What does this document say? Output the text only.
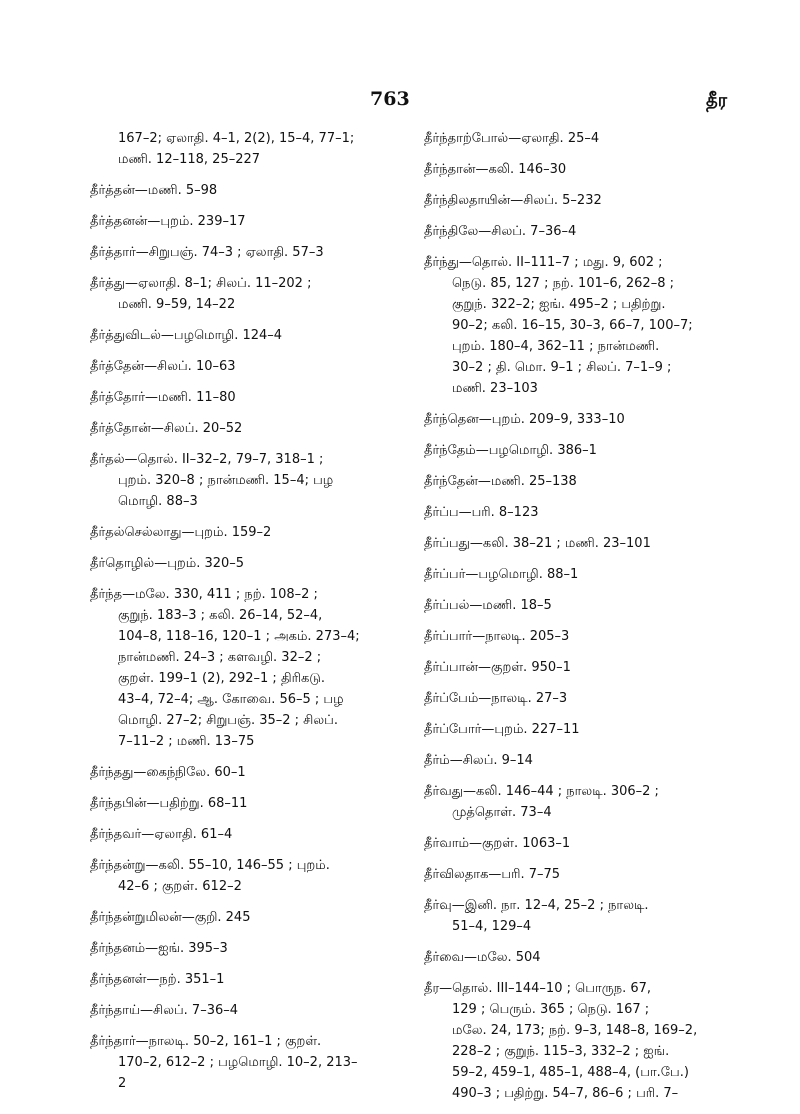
763	தீர
167–2; ஏலாதி. 4–1, 2(2), 15–4, 77–1;
மணி. 12–118, 25–227
தீர்த்தன்—மணி. 5–98
தீர்த்தனன்—புறம். 239–17
தீர்த்தார்—சிறுபஞ். 74–3 ; ஏலாதி. 57–3
தீர்த்து—ஏலாதி. 8–1; சிலப். 11–202 ;
மணி. 9–59, 14–22
தீர்த்துவிடல்—பழமொழி. 124–4
தீர்த்தேன்—சிலப். 10–63
தீர்த்தோர்—மணி. 11–80
தீர்த்தோன்—சிலப். 20–52
தீர்தல்—தொல். II–32–2, 79–7, 318–1 ;
புறம். 320–8 ; நான்மணி. 15–4; பழ
மொழி. 88–3
தீர்தல்செல்லாது—புறம். 159–2
தீர்தொழில்—புறம். 320–5
தீர்ந்த—மலே. 330, 411 ; நற். 108–2 ;
குறுந். 183–3 ; கலி. 26–14, 52–4,
104–8, 118–16, 120–1 ; அகம். 273–4;
நான்மணி. 24–3 ; களவழி. 32–2 ;
குறள். 199–1 (2), 292–1 ; திரிகடு.
43–4, 72–4; ஆ. கோவை. 56–5 ; பழ
மொழி. 27–2; சிறுபஞ். 35–2 ; சிலப்.
7–11–2 ; மணி. 13–75
தீர்ந்தது—கைந்நிலே. 60–1
தீர்ந்தபின்—பதிற்று. 68–11
தீர்ந்தவர்—ஏலாதி. 61–4
தீர்ந்தன்று—கலி. 55–10, 146–55 ; புறம்.
42–6 ; குறள். 612–2
தீர்ந்தன்றுமிலன்—குறி. 245
தீர்ந்தனம்—ஐங். 395–3
தீர்ந்தனள்—நற். 351–1
தீர்ந்தாய்—சிலப். 7–36–4
தீர்ந்தார்—நாலடி. 50–2, 161–1 ; குறள்.
170–2, 612–2 ; பழமொழி. 10–2, 213–
2
தீர்ந்தாற்போல்—ஏலாதி. 25–4
தீர்ந்தான்—கலி. 146–30
தீர்ந்திலதாயின்—சிலப். 5–232
தீர்ந்திலே—சிலப். 7–36–4
தீர்ந்து—தொல். II–111–7 ; மது. 9, 602 ;
நெடு. 85, 127 ; நற். 101–6, 262–8 ;
குறுந். 322–2; ஐங். 495–2 ; பதிற்று.
90–2; கலி. 16–15, 30–3, 66–7, 100–7;
புறம். 180–4, 362–11 ; நான்மணி.
30–2 ; தி. மொ. 9–1 ; சிலப். 7–1–9 ;
மணி. 23–103
தீர்ந்தென—புறம். 209–9, 333–10
தீர்ந்தேம்—பழமொழி. 386–1
தீர்ந்தேன்—மணி. 25–138
தீர்ப்ப—பரி. 8–123
தீர்ப்பது—கலி. 38–21 ; மணி. 23–101
தீர்ப்பர்—பழமொழி. 88–1
தீர்ப்பல்—மணி. 18–5
தீர்ப்பார்—நாலடி. 205–3
தீர்ப்பான்—குறள். 950–1
தீர்ப்பேம்—நாலடி. 27–3
தீர்ப்போர்—புறம். 227–11
தீர்ம்—சிலப். 9–14
தீர்வது—கலி. 146–44 ; நாலடி. 306–2 ;
முத்தொள். 73–4
தீர்வாம்—குறள். 1063–1
தீர்விலதாக—பரி. 7–75
தீர்வு—இனி. நா. 12–4, 25–2 ; நாலடி.
51–4, 129–4
தீர்வை—மலே. 504
தீர—தொல். III–144–10 ; பொருந. 67,
129 ; பெரும். 365 ; நெடு. 167 ;
மலே. 24, 173; நற். 9–3, 148–8, 169–2,
228–2 ; குறுந். 115–3, 332–2 ; ஐங்.
59–2, 459–1, 485–1, 488–4, (பா.பே.)
490–3 ; பதிற்று. 54–7, 86–6 ; பரி. 7–
